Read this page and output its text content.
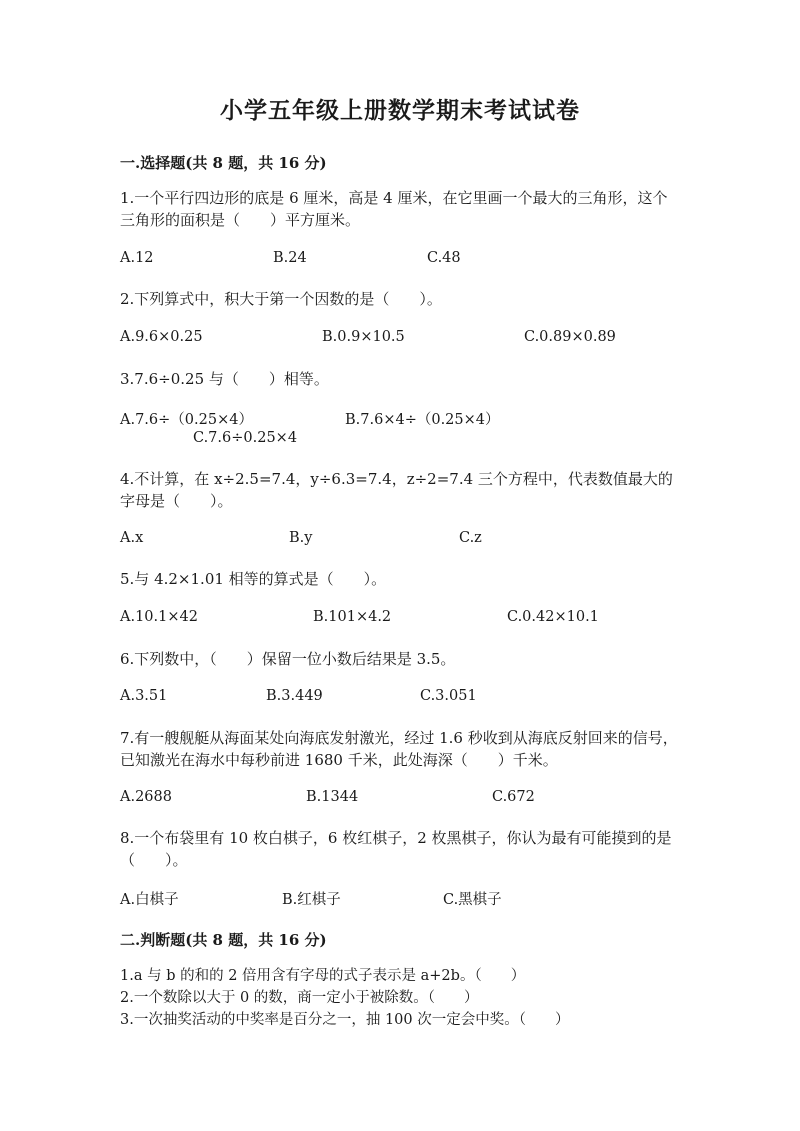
小学五年级上册数学期末考试试卷
一.选择题(共 8 题，共 16 分)
1.一个平行四边形的底是 6 厘米，高是 4 厘米，在它里画一个最大的三角形，这个三角形的面积是（　　）平方厘米。
A.12	B.24	C.48
2.下列算式中，积大于第一个因数的是（　　）。
A.9.6×0.25	B.0.9×10.5	C.0.89×0.89
3.7.6÷0.25 与（　　）相等。
A.7.6÷（0.25×4）	B.7.6×4÷（0.25×4）
C.7.6÷0.25×4
4.不计算，在 x÷2.5=7.4，y÷6.3=7.4，z÷2=7.4 三个方程中，代表数值最大的字母是（　　）。
A.x	B.y	C.z
5.与 4.2×1.01 相等的算式是（　　）。
A.10.1×42	B.101×4.2	C.0.42×10.1
6.下列数中，（　　）保留一位小数后结果是 3.5。
A.3.51	B.3.449	C.3.051
7.有一艘舰艇从海面某处向海底发射激光，经过 1.6 秒收到从海底反射回来的信号，已知激光在海水中每秒前进 1680 千米，此处海深（　　）千米。
A.2688	B.1344	C.672
8.一个布袋里有 10 枚白棋子，6 枚红棋子，2 枚黑棋子，你认为最有可能摸到的是（　　）。
A.白棋子	B.红棋子	C.黑棋子
二.判断题(共 8 题，共 16 分)
1.a 与 b 的和的 2 倍用含有字母的式子表示是 a+2b。（　　）
2.一个数除以大于 0 的数，商一定小于被除数。（　　）
3.一次抽奖活动的中奖率是百分之一，抽 100 次一定会中奖。（　　）
